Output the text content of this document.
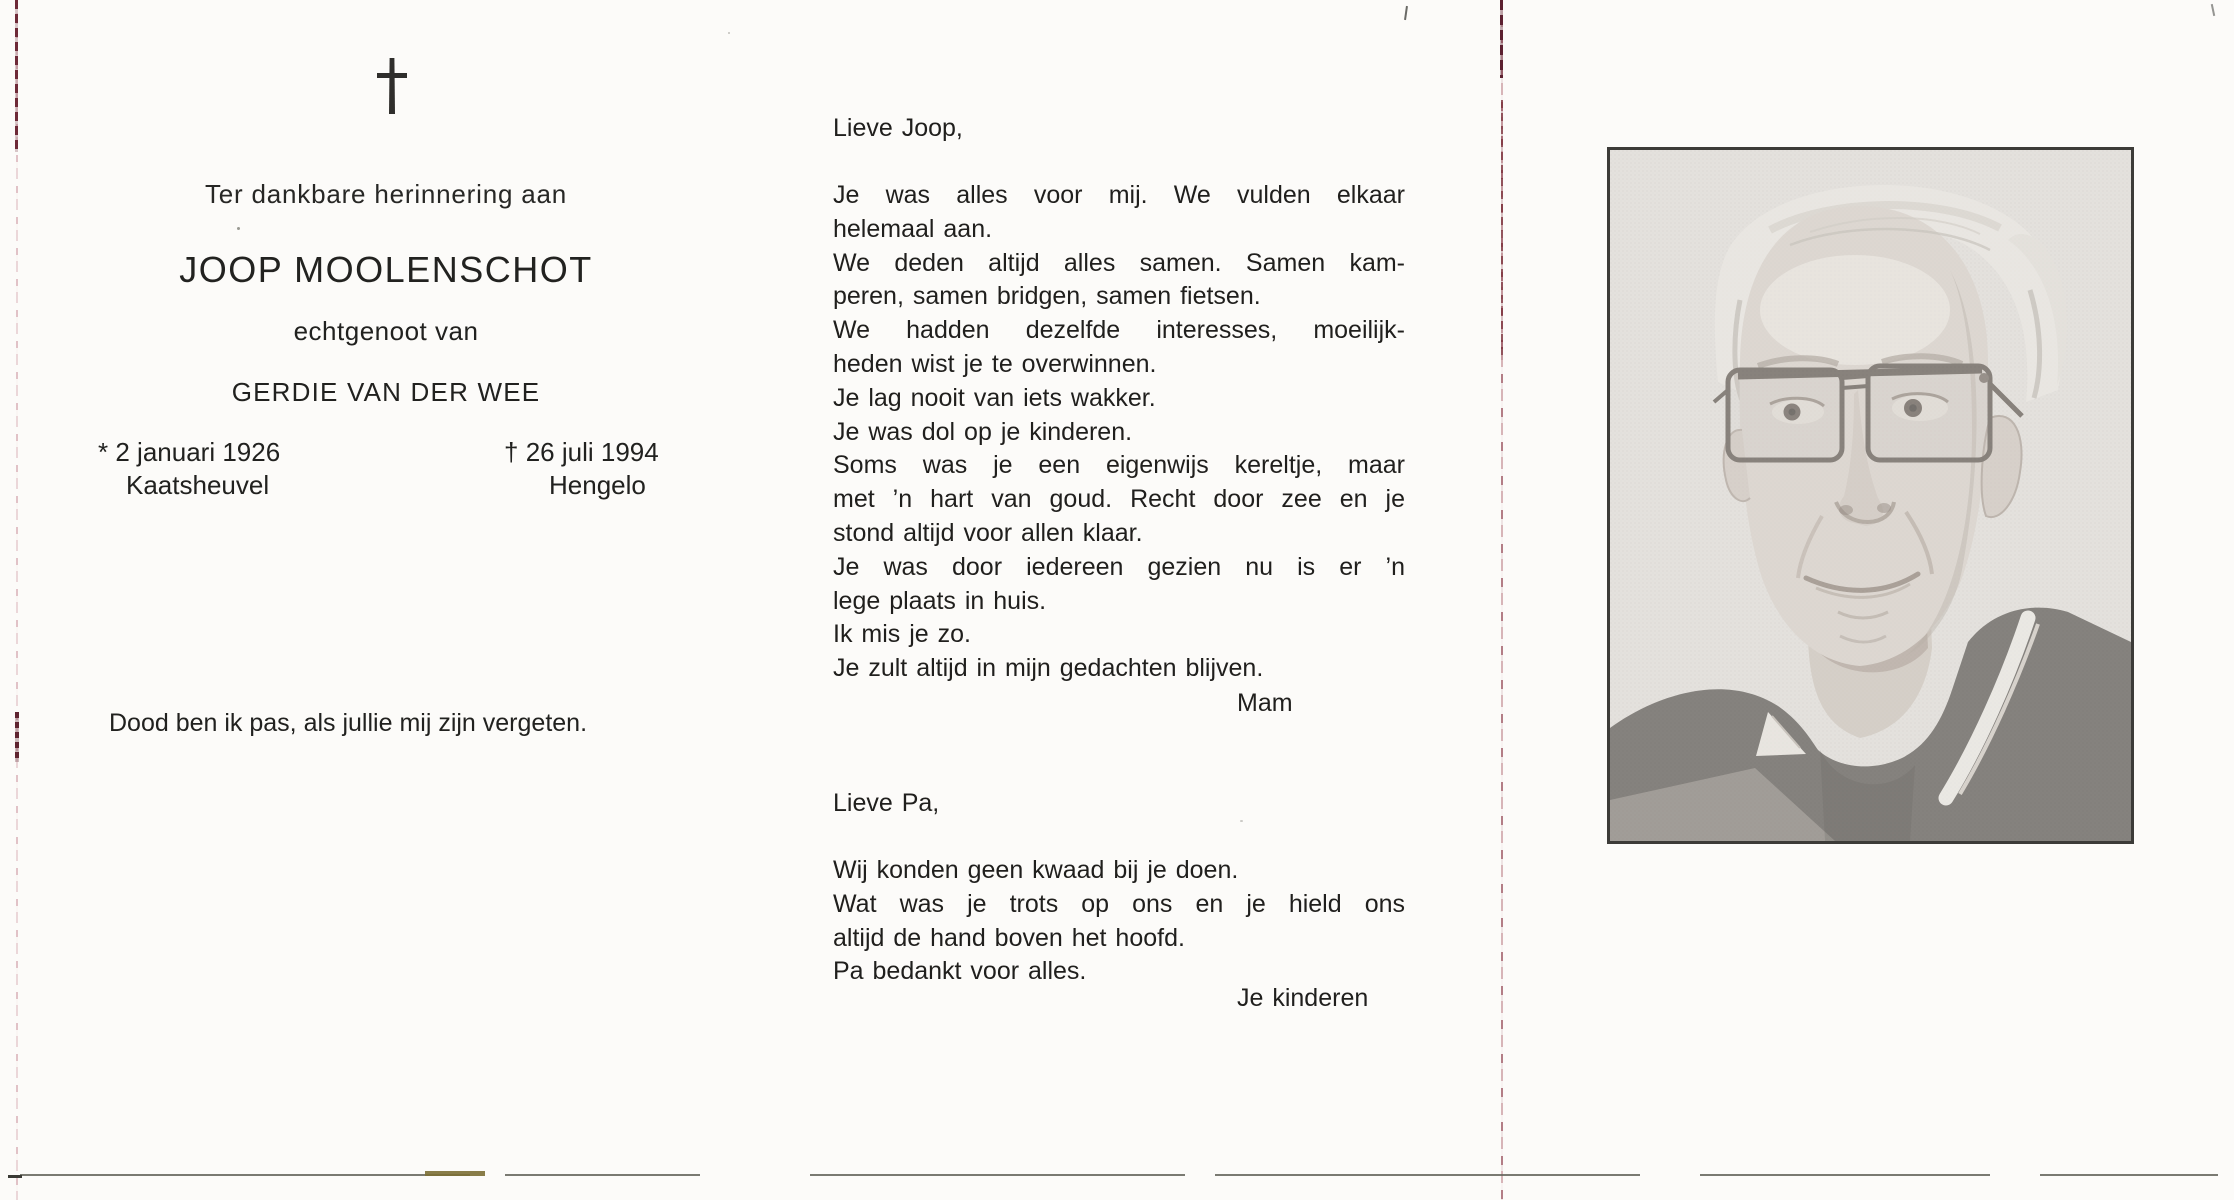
Ter dankbare herinnering aan
JOOP MOOLENSCHOT
echtgenoot van
GERDIE VAN DER WEE
* 2 januari 1926
Kaatsheuvel
† 26 juli 1994
Hengelo
Dood ben ik pas, als jullie mij zijn vergeten.
Lieve Joop,
Je was alles voor mij. We vulden elkaar
helemaal aan.
We deden altijd alles samen. Samen kam-
peren, samen bridgen, samen fietsen.
We hadden dezelfde interesses, moeilijk-
heden wist je te overwinnen.
Je lag nooit van iets wakker.
Je was dol op je kinderen.
Soms was je een eigenwijs kereltje, maar
met ’n hart van goud. Recht door zee en je
stond altijd voor allen klaar.
Je was door iedereen gezien nu is er ’n
lege plaats in huis.
Ik mis je zo.
Je zult altijd in mijn gedachten blijven.
Mam
Lieve Pa,
Wij konden geen kwaad bij je doen.
Wat was je trots op ons en je hield ons
altijd de hand boven het hoofd.
Pa bedankt voor alles.
Je kinderen
